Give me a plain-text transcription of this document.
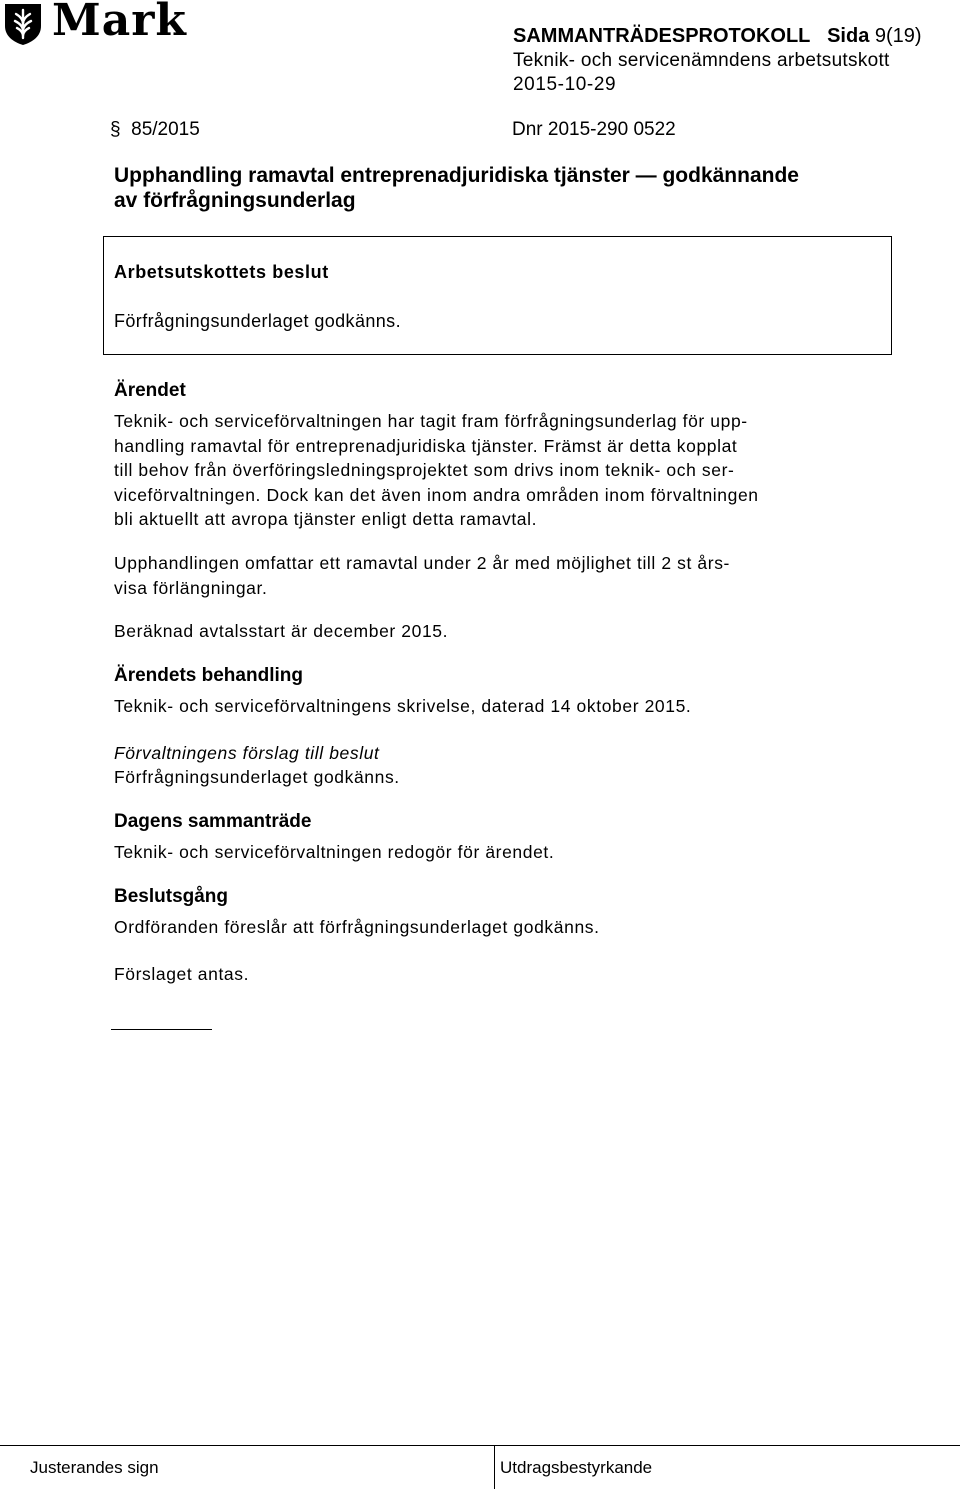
Mark	SAMMANTRÄDESPROTOKOLL Sida 9(19)
Teknik- och servicenämndens arbetsutskott
2015-10-29
§ 85/2015	Dnr 2015-290 0522
Upphandling ramavtal entreprenadjuridiska tjänster — godkännande
av förfrågningsunderlag
Arbetsutskottets beslut
Förfrågningsunderlaget godkänns.
Ärendet

Teknik- och serviceförvaltningen har tagit fram förfrågningsunderlag för upp-

handling ramavtal för entreprenadjuridiska tjänster. Främst är detta kopplat

till behov från överföringsledningsprojektet som drivs inom teknik- och ser-

viceförvaltningen. Dock kan det även inom andra områden inom förvaltningen

bli aktuellt att avropa tjänster enligt detta ramavtal.

Upphandlingen omfattar ett ramavtal under 2 år med möjlighet till 2 st års-

visa förlängningar.

Beräknad avtalsstart är december 2015.
Ärendets behandling
Teknik- och serviceförvaltningens skrivelse, daterad 14 oktober 2015.
Förvaltningens förslag till beslut
Förfrågningsunderlaget godkänns.
Dagens sammanträde
Teknik- och serviceförvaltningen redogör för ärendet.
Beslutsgång
Ordföranden föreslår att förfrågningsunderlaget godkänns.
Förslaget antas.
Justerandes sign	Utdragsbestyrkande
